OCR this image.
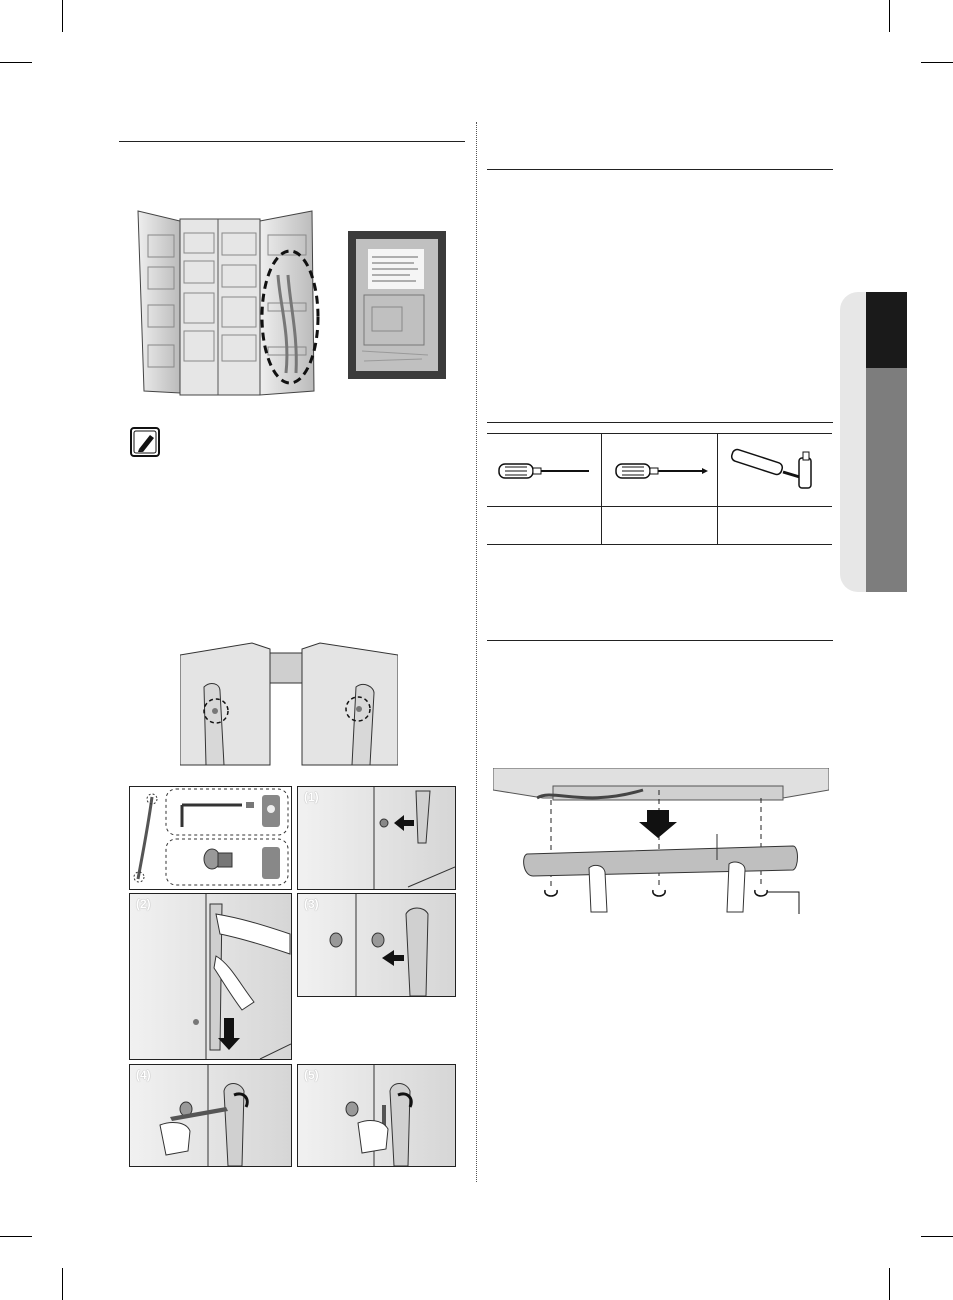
(1)
(2)	(3)
(4)	(5)
